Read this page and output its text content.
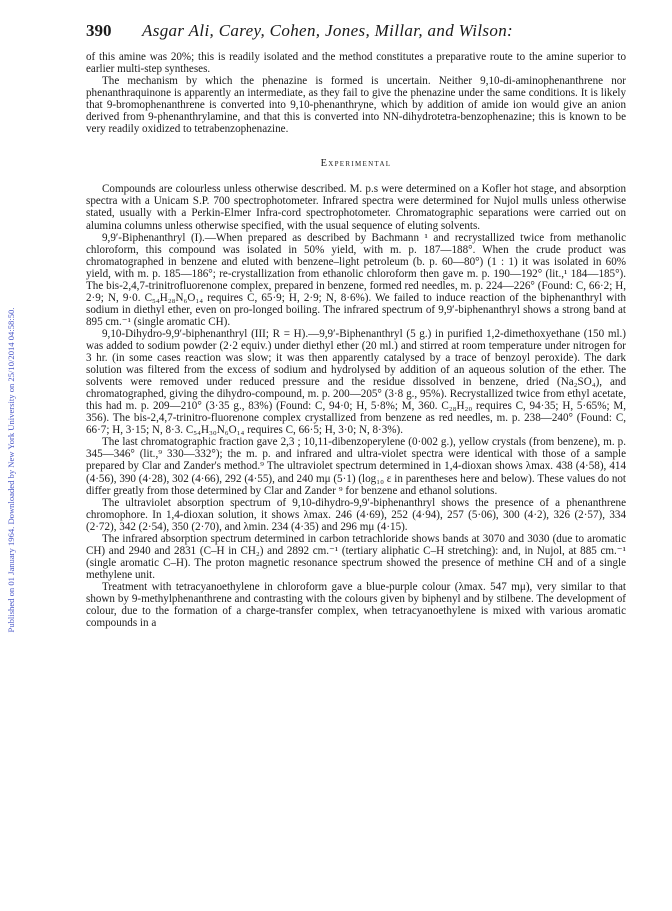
Published on 01 January 1964. Downloaded by New York University on 25/10/2014 04:58:50.
390 Asgar Ali, Carey, Cohen, Jones, Millar, and Wilson:

of this amine was 20%; this is readily isolated and the method constitutes a preparative route to the amine superior to earlier multi-step syntheses.

The mechanism by which the phenazine is formed is uncertain. Neither 9,10-di-aminophenanthrene nor phenanthraquinone is apparently an intermediate, as they fail to give the phenazine under the same conditions. It is likely that 9-bromophenanthrene is converted into 9,10-phenanthryne, which by addition of amide ion would give an anion derived from 9-phenanthrylamine, and that this is converted into NN-dihydrotetra-benzophenazine; this is known to be very readily oxidized to tetrabenzophenazine.

Experimental

Compounds are colourless unless otherwise described. M. p.s were determined on a Kofler hot stage, and absorption spectra with a Unicam S.P. 700 spectrophotometer. Infrared spectra were determined for Nujol mulls unless otherwise stated, usually with a Perkin-Elmer Infra-cord spectrophotometer. Chromatographic separations were carried out on alumina columns unless otherwise specified, with the usual sequence of eluting solvents.

9,9′-Biphenanthryl (I).—When prepared as described by Bachmann ¹ and recrystallized twice from methanolic chloroform, this compound was isolated in 50% yield, with m. p. 187—188°. When the crude product was chromatographed in benzene and eluted with benzene–light petroleum (b. p. 60—80°) (1 : 1) it was isolated in 60% yield, with m. p. 185—186°; re-crystallization from ethanolic chloroform then gave m. p. 190—192° (lit.,¹ 184—185°). The bis-2,4,7-trinitrofluorenone complex, prepared in benzene, formed red needles, m. p. 224—226° (Found: C, 66·2; H, 2·9; N, 9·0. C₅₄H₂₈N₆O₁₄ requires C, 65·9; H, 2·9; N, 8·6%). We failed to induce reaction of the biphenanthryl with sodium in diethyl ether, even on pro-longed boiling. The infrared spectrum of 9,9′-biphenanthryl shows a strong band at 895 cm.⁻¹ (single aromatic CH).

9,10-Dihydro-9,9′-biphenanthryl (III; R = H).—9,9′-Biphenanthryl (5 g.) in purified 1,2-dimethoxyethane (150 ml.) was added to sodium powder (2·2 equiv.) under diethyl ether (20 ml.) and stirred at room temperature under nitrogen for 3 hr. (in some cases reaction was slow; it was then apparently catalysed by a trace of benzoyl peroxide). The dark solution was filtered from the excess of sodium and hydrolysed by addition of an aqueous solution of the ether. The solvents were removed under reduced pressure and the residue dissolved in benzene, dried (Na₂SO₄), and chromatographed, giving the dihydro-compound, m. p. 200—205° (3·8 g., 95%). Recrystallized twice from ethyl acetate, this had m. p. 209—210° (3·35 g., 83%) (Found: C, 94·0; H, 5·8%; M, 360. C₂₈H₂₀ requires C, 94·35; H, 5·65%; M, 356). The bis-2,4,7-trinitro-fluorenone complex crystallized from benzene as red needles, m. p. 238—240° (Found: C, 66·7; H, 3·15; N, 8·3. C₅₄H₃₀N₆O₁₄ requires C, 66·5; H, 3·0; N, 8·3%).

The last chromatographic fraction gave 2,3 ; 10,11-dibenzoperylene (0·002 g.), yellow crystals (from benzene), m. p. 345—346° (lit.,⁹ 330—332°); the m. p. and infrared and ultra-violet spectra were identical with those of a sample prepared by Clar and Zander's method.⁹ The ultraviolet spectrum determined in 1,4-dioxan shows λmax. 438 (4·58), 414 (4·56), 390 (4·28), 302 (4·66), 292 (4·55), and 240 mμ (5·1) (log₁₀ ε in parentheses here and below). These values do not differ greatly from those determined by Clar and Zander ⁹ for benzene and ethanol solutions.

The ultraviolet absorption spectrum of 9,10-dihydro-9,9′-biphenanthryl shows the presence of a phenanthrene chromophore. In 1,4-dioxan solution, it shows λmax. 246 (4·69), 252 (4·94), 257 (5·06), 300 (4·2), 326 (2·57), 334 (2·72), 342 (2·54), 350 (2·70), and λmin. 234 (4·35) and 296 mμ (4·15).

The infrared absorption spectrum determined in carbon tetrachloride shows bands at 3070 and 3030 (due to aromatic CH) and 2940 and 2831 (C–H in CH₂) and 2892 cm.⁻¹ (tertiary aliphatic C–H stretching): and, in Nujol, at 885 cm.⁻¹ (single aromatic C–H). The proton magnetic resonance spectrum showed the presence of methine CH and of a single methylene unit.

Treatment with tetracyanoethylene in chloroform gave a blue-purple colour (λmax. 547 mμ), very similar to that shown by 9-methylphenanthrene and contrasting with the colours given by biphenyl and by stilbene. The development of colour, due to the formation of a charge-transfer complex, when tetracyanoethylene is mixed with various aromatic compounds in a
